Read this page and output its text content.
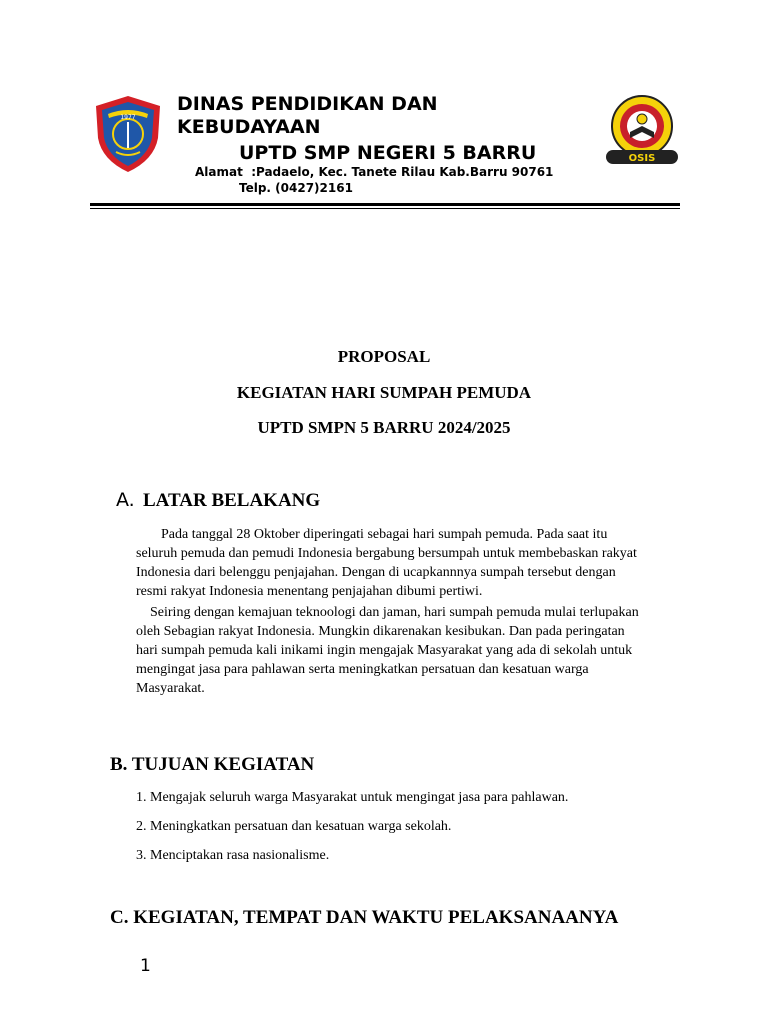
1977
OSIS
DINAS PENDIDIKAN DAN
KEBUDAYAAN
UPTD SMP NEGERI 5 BARRU
Alamat  :Padaelo, Kec. Tanete Rilau Kab.Barru 90761
Telp. (0427)2161
PROPOSAL
KEGIATAN HARI SUMPAH PEMUDA
UPTD SMPN 5 BARRU 2024/2025
A. LATAR BELAKANG
Pada tanggal 28 Oktober diperingati sebagai hari sumpah pemuda. Pada saat itu
seluruh pemuda dan pemudi Indonesia bergabung bersumpah untuk membebaskan rakyat
Indonesia dari belenggu penjajahan. Dengan di ucapkannnya sumpah tersebut dengan
resmi rakyat Indonesia menentang penjajahan dibumi pertiwi.
Seiring dengan kemajuan teknoologi dan jaman, hari sumpah pemuda mulai terlupakan
oleh Sebagian rakyat Indonesia. Mungkin dikarenakan kesibukan. Dan pada peringatan
hari sumpah pemuda kali inikami ingin mengajak Masyarakat yang ada di sekolah untuk
mengingat jasa para pahlawan serta meningkatkan persatuan dan kesatuan warga
Masyarakat.
B. TUJUAN KEGIATAN
1. Mengajak seluruh warga Masyarakat untuk mengingat jasa para pahlawan.
2. Meningkatkan persatuan dan kesatuan warga sekolah.
3. Menciptakan rasa nasionalisme.
C. KEGIATAN, TEMPAT DAN WAKTU PELAKSANAANYA
1
